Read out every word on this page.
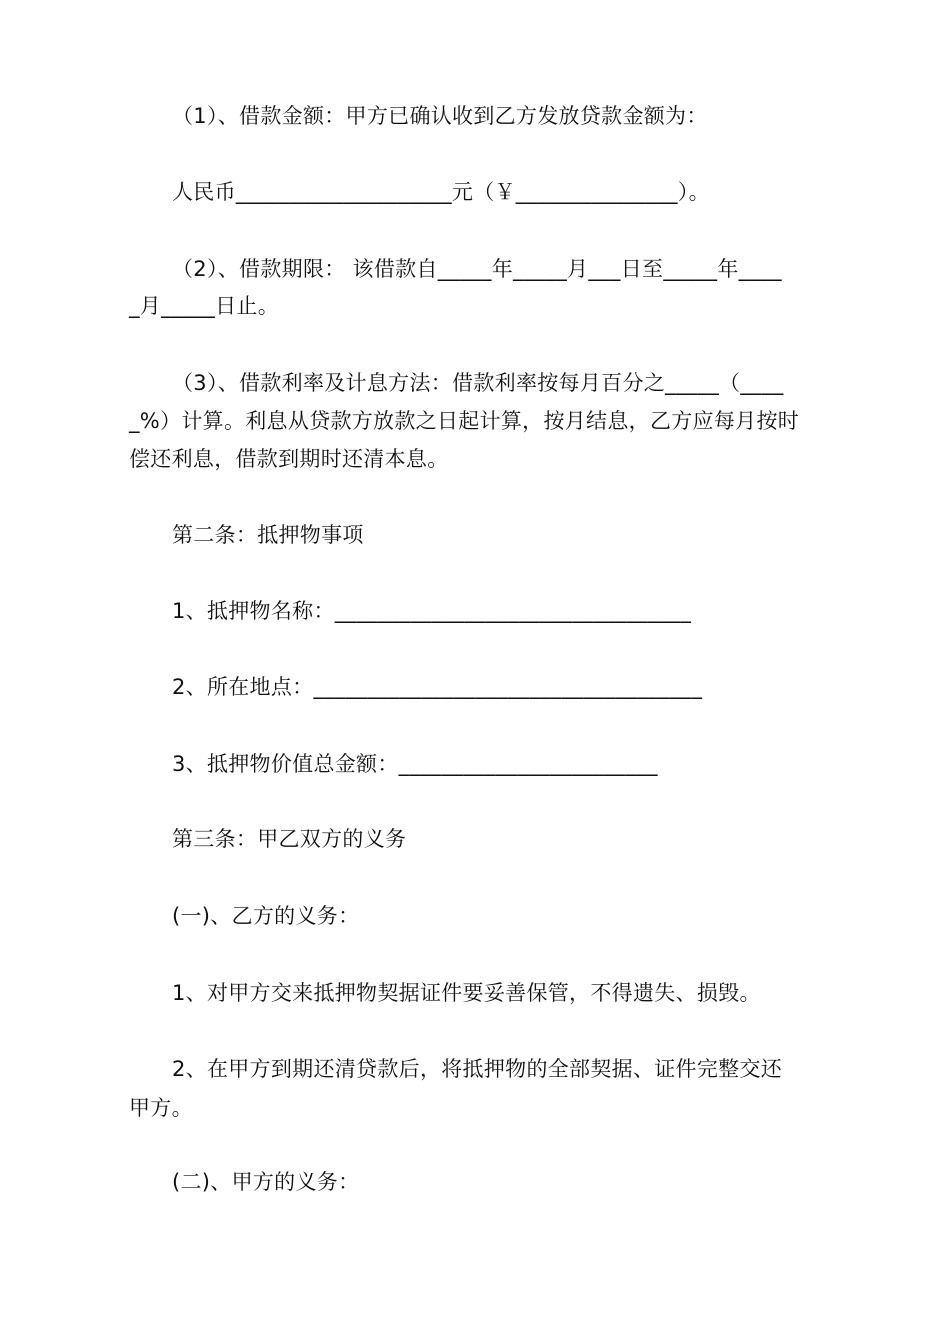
（1）、借款金额：甲方已确认收到乙方发放贷款金额为：
人民币____________________元（￥_______________）。
（2）、借款期限： 该借款自_____年_____月___日至_____年____
_月_____日止。
（3）、借款利率及计息方法：借款利率按每月百分之_____（____
_%）计算。利息从贷款方放款之日起计算，按月结息，乙方应每月按时
偿还利息，借款到期时还清本息。
第二条：抵押物事项
1、抵押物名称：_________________________________
2、所在地点：____________________________________
3、抵押物价值总金额：________________________
第三条：甲乙双方的义务
(一)、乙方的义务：
1、对甲方交来抵押物契据证件要妥善保管，不得遗失、损毁。
2、在甲方到期还清贷款后，将抵押物的全部契据、证件完整交还
甲方。
(二)、甲方的义务：
